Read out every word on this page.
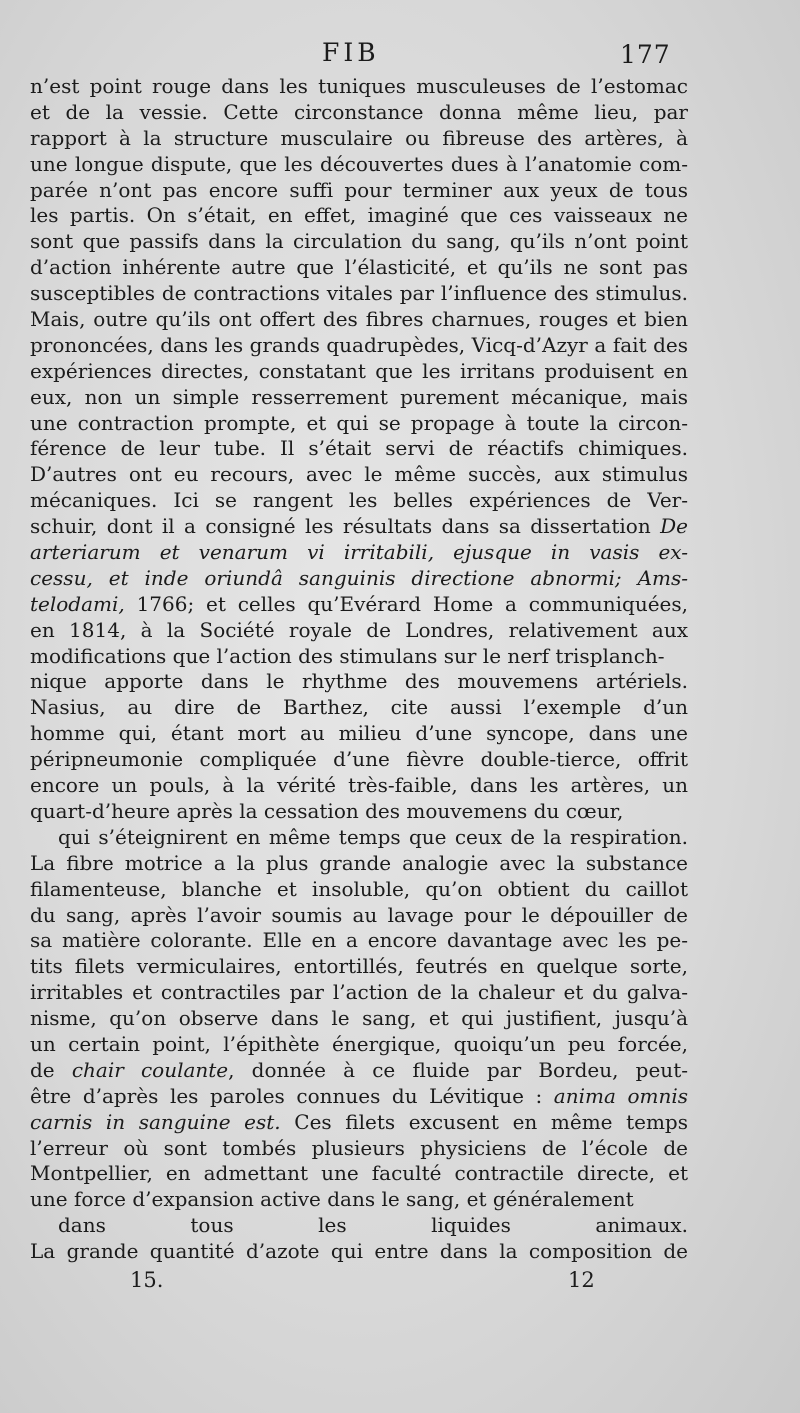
FIB	177
n’est point rouge dans les tuniques musculeuses de l’estomac
et de la vessie. Cette circonstance donna même lieu, par
rapport à la structure musculaire ou fibreuse des artères, à
une longue dispute, que les découvertes dues à l’anatomie com-
parée n’ont pas encore suffi pour terminer aux yeux de tous
les partis. On s’était, en effet, imaginé que ces vaisseaux ne
sont que passifs dans la circulation du sang, qu’ils n’ont point
d’action inhérente autre que l’élasticité, et qu’ils ne sont pas
susceptibles de contractions vitales par l’influence des stimulus.
Mais, outre qu’ils ont offert des fibres charnues, rouges et bien
prononcées, dans les grands quadrupèdes, Vicq-d’Azyr a fait des
expériences directes, constatant que les irritans produisent en
eux, non un simple resserrement purement mécanique, mais
une contraction prompte, et qui se propage à toute la circon-
férence de leur tube. Il s’était servi de réactifs chimiques.
D’autres ont eu recours, avec le même succès, aux stimulus
mécaniques. Ici se rangent les belles expériences de Ver-
schuir, dont il a consigné les résultats dans sa dissertation De
arteriarum et venarum vi irritabili, ejusque in vasis ex-
cessu, et inde oriundâ sanguinis directione abnormi; Ams-
telodami, 1766; et celles qu’Evérard Home a communiquées,
en 1814, à la Société royale de Londres, relativement aux
modifications que l’action des stimulans sur le nerf trisplanch-
nique apporte dans le rhythme des mouvemens artériels.
Nasius, au dire de Barthez, cite aussi l’exemple d’un
homme qui, étant mort au milieu d’une syncope, dans une
péripneumonie compliquée d’une fièvre double-tierce, offrit
encore un pouls, à la vérité très-faible, dans les artères, un
quart-d’heure après la cessation des mouvemens du cœur,
qui s’éteignirent en même temps que ceux de la respiration.
La fibre motrice a la plus grande analogie avec la substance
filamenteuse, blanche et insoluble, qu’on obtient du caillot
du sang, après l’avoir soumis au lavage pour le dépouiller de
sa matière colorante. Elle en a encore davantage avec les pe-
tits filets vermiculaires, entortillés, feutrés en quelque sorte,
irritables et contractiles par l’action de la chaleur et du galva-
nisme, qu’on observe dans le sang, et qui justifient, jusqu’à
un certain point, l’épithète énergique, quoiqu’un peu forcée,
de chair coulante, donnée à ce fluide par Bordeu, peut-
être d’après les paroles connues du Lévitique : anima omnis
carnis in sanguine est. Ces filets excusent en même temps
l’erreur où sont tombés plusieurs physiciens de l’école de
Montpellier, en admettant une faculté contractile directe, et
une force d’expansion active dans le sang, et généralement
dans tous les liquides animaux.
La grande quantité d’azote qui entre dans la composition de
15.	12
